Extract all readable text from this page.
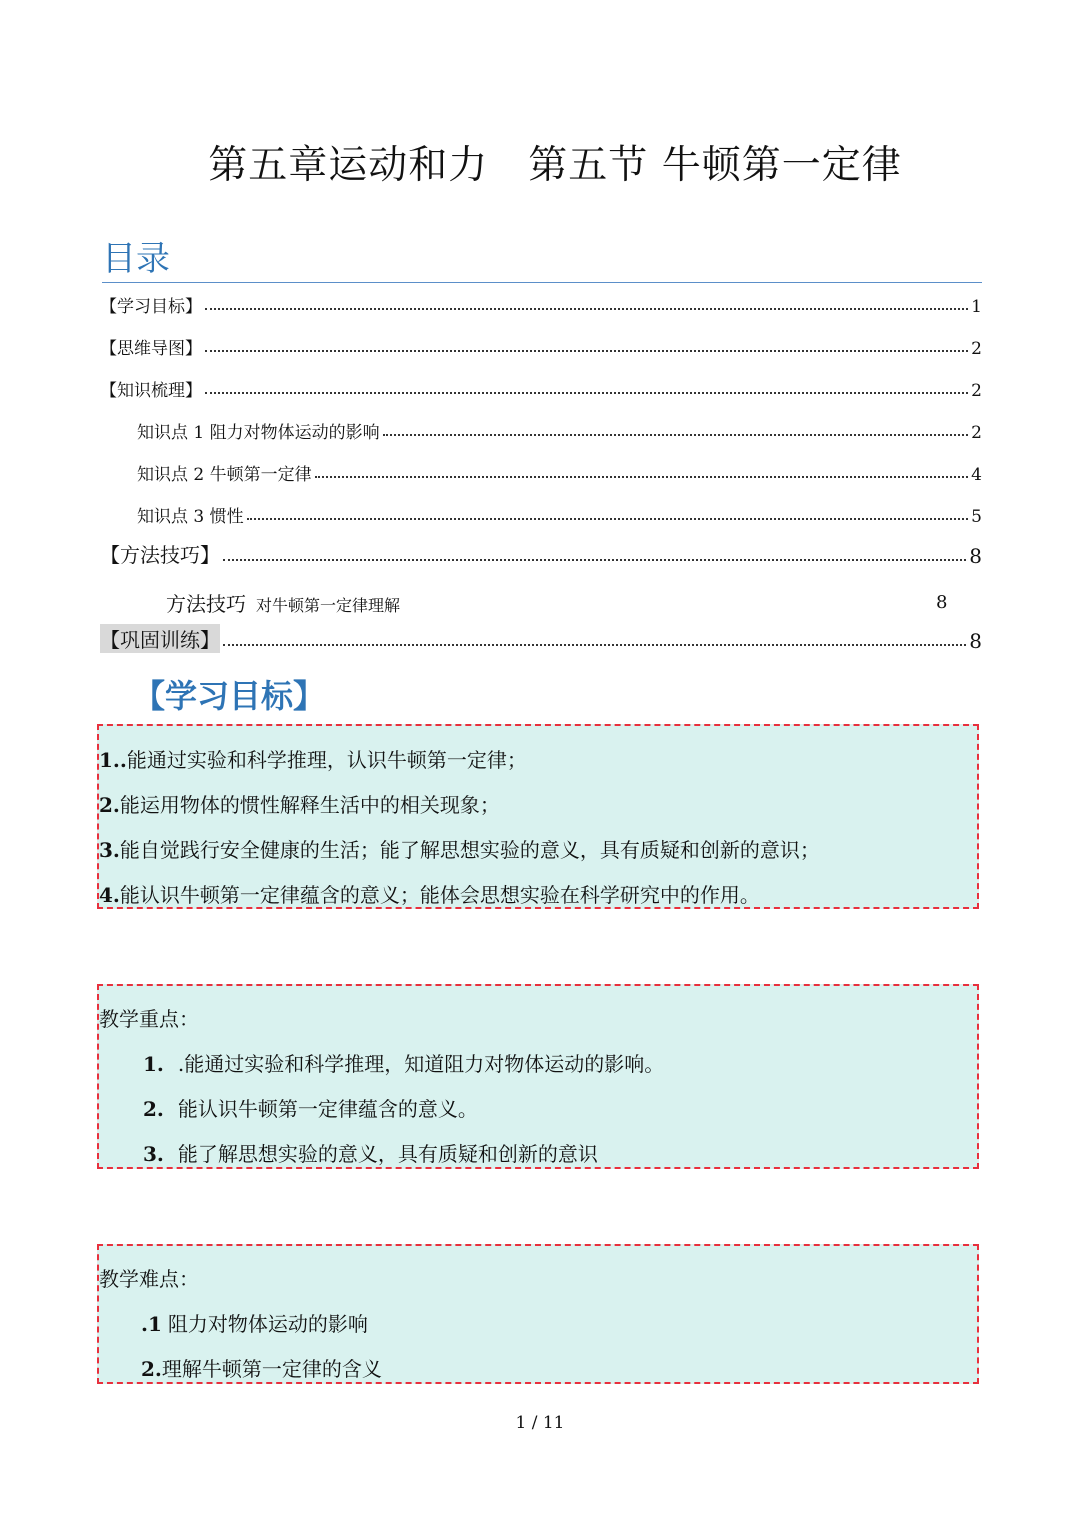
第五章运动和力　第五节 牛顿第一定律
目录
【学习目标】	1
【思维导图】	2
【知识梳理】	2
知识点 1 阻力对物体运动的影响	2
知识点 2 牛顿第一定律	4
知识点 3 惯性	5
【方法技巧】	8
方法技巧 对牛顿第一定律理解	8
【巩固训练】	8
【学习目标】

1..能通过实验和科学推理，认识牛顿第一定律；

2.能运用物体的惯性解释生活中的相关现象；

3.能自觉践行安全健康的生活；能了解思想实验的意义，具有质疑和创新的意识；

4.能认识牛顿第一定律蕴含的意义；能体会思想实验在科学研究中的作用。

教学重点：

1. .能通过实验和科学推理，知道阻力对物体运动的影响。

2. 能认识牛顿第一定律蕴含的意义。

3. 能了解思想实验的意义，具有质疑和创新的意识

教学难点：

.1 阻力对物体运动的影响

2.理解牛顿第一定律的含义

1 / 11
